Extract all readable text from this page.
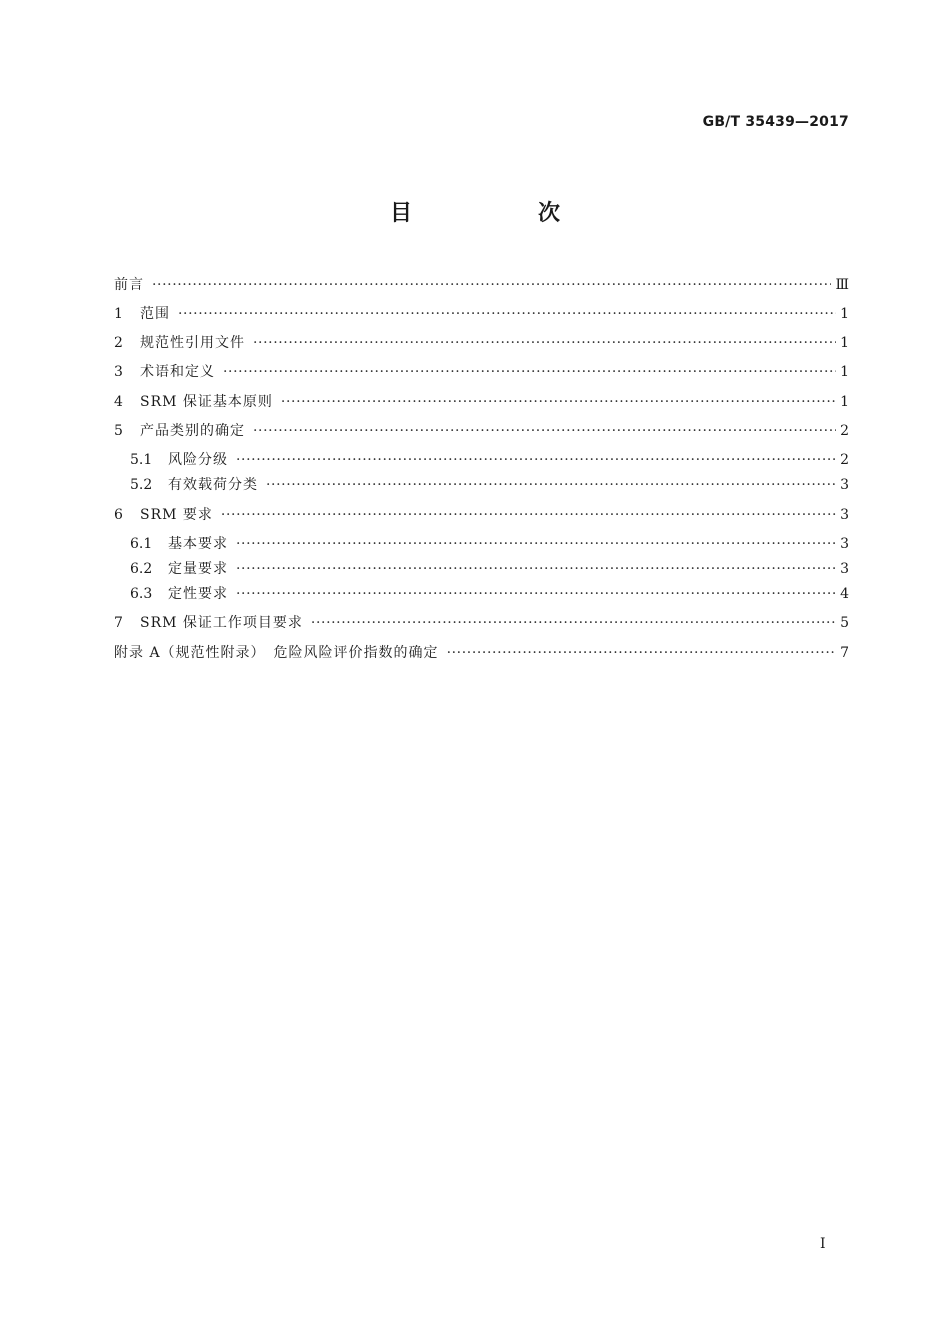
GB/T 35439—2017
目　次
前言 ·····	Ⅲ
1	范围 ·····	1
2	规范性引用文件 ·····	1
3	术语和定义 ·····	1
4	SRM 保证基本原则 ·····	1
5	产品类别的确定 ·····	2
5.1	风险分级 ·····	2
5.2	有效载荷分类 ·····	3
6	SRM 要求 ·····	3
6.1	基本要求 ·····	3
6.2	定量要求 ·····	3
6.3	定性要求 ·····	4
7	SRM 保证工作项目要求 ·····	5
附录 A（规范性附录）　危险风险评价指数的确定 ·····	7
I
